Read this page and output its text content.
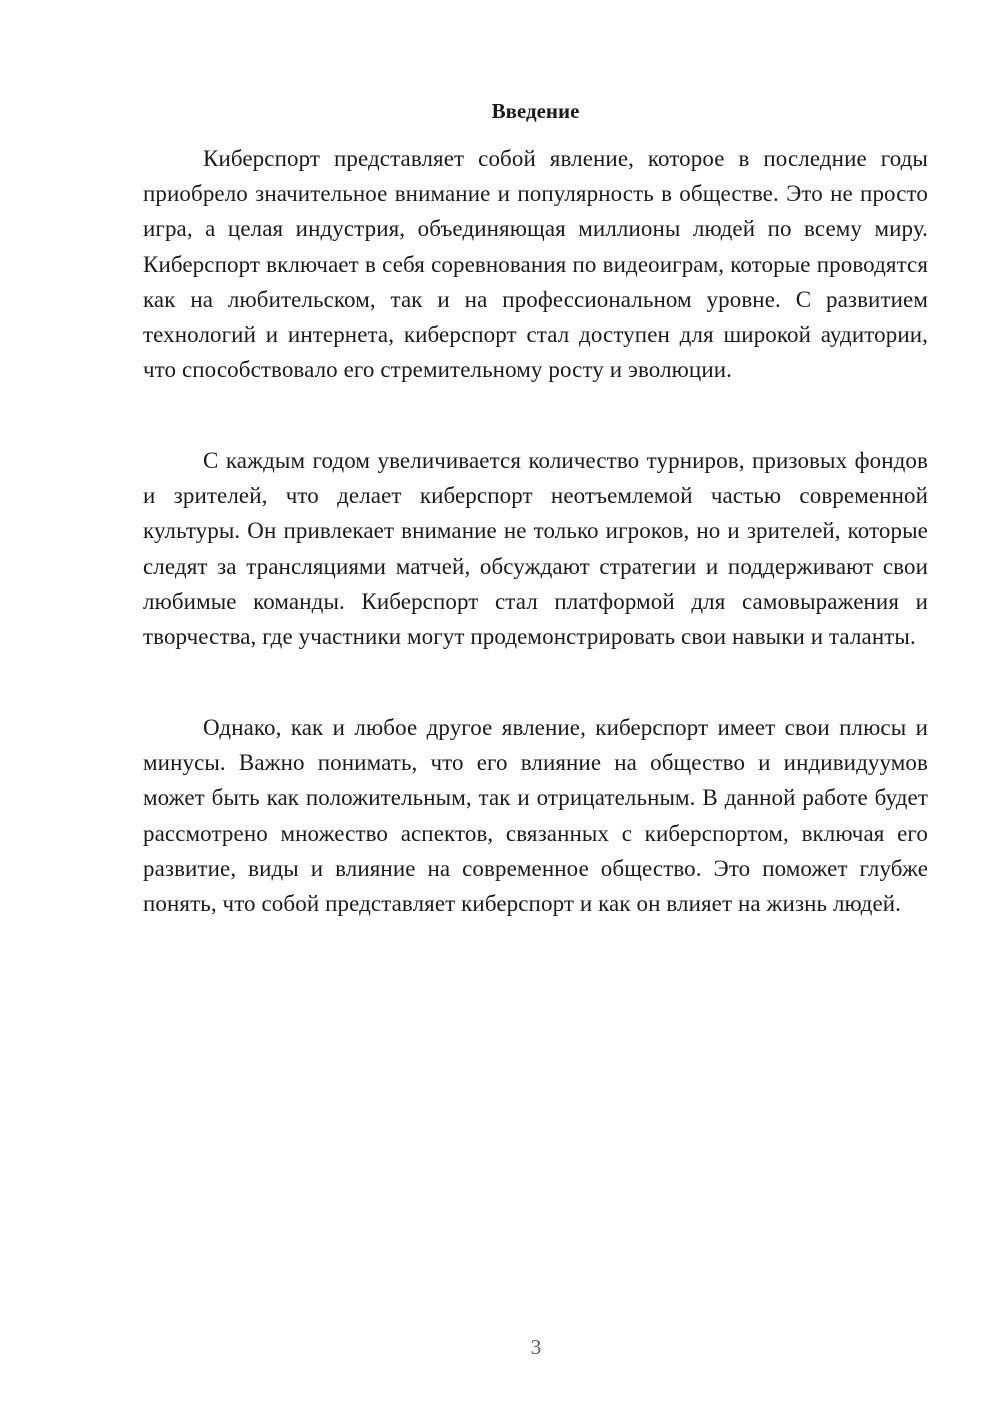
Введение

Киберспорт представляет собой явление, которое в последние годы приобрело значительное внимание и популярность в обществе. Это не просто игра, а целая индустрия, объединяющая миллионы людей по всему миру. Киберспорт включает в себя соревнования по видеоиграм, которые проводятся как на любительском, так и на профессиональном уровне. С развитием технологий и интернета, киберспорт стал доступен для широкой аудитории, что способствовало его стремительному росту и эволюции.

С каждым годом увеличивается количество турниров, призовых фондов и зрителей, что делает киберспорт неотъемлемой частью современной культуры. Он привлекает внимание не только игроков, но и зрителей, которые следят за трансляциями матчей, обсуждают стратегии и поддерживают свои любимые команды. Киберспорт стал платформой для самовыражения и творчества, где участники могут продемонстрировать свои навыки и таланты.

Однако, как и любое другое явление, киберспорт имеет свои плюсы и минусы. Важно понимать, что его влияние на общество и индивидуумов может быть как положительным, так и отрицательным. В данной работе будет рассмотрено множество аспектов, связанных с киберспортом, включая его развитие, виды и влияние на современное общество. Это поможет глубже понять, что собой представляет киберспорт и как он влияет на жизнь людей.

3
